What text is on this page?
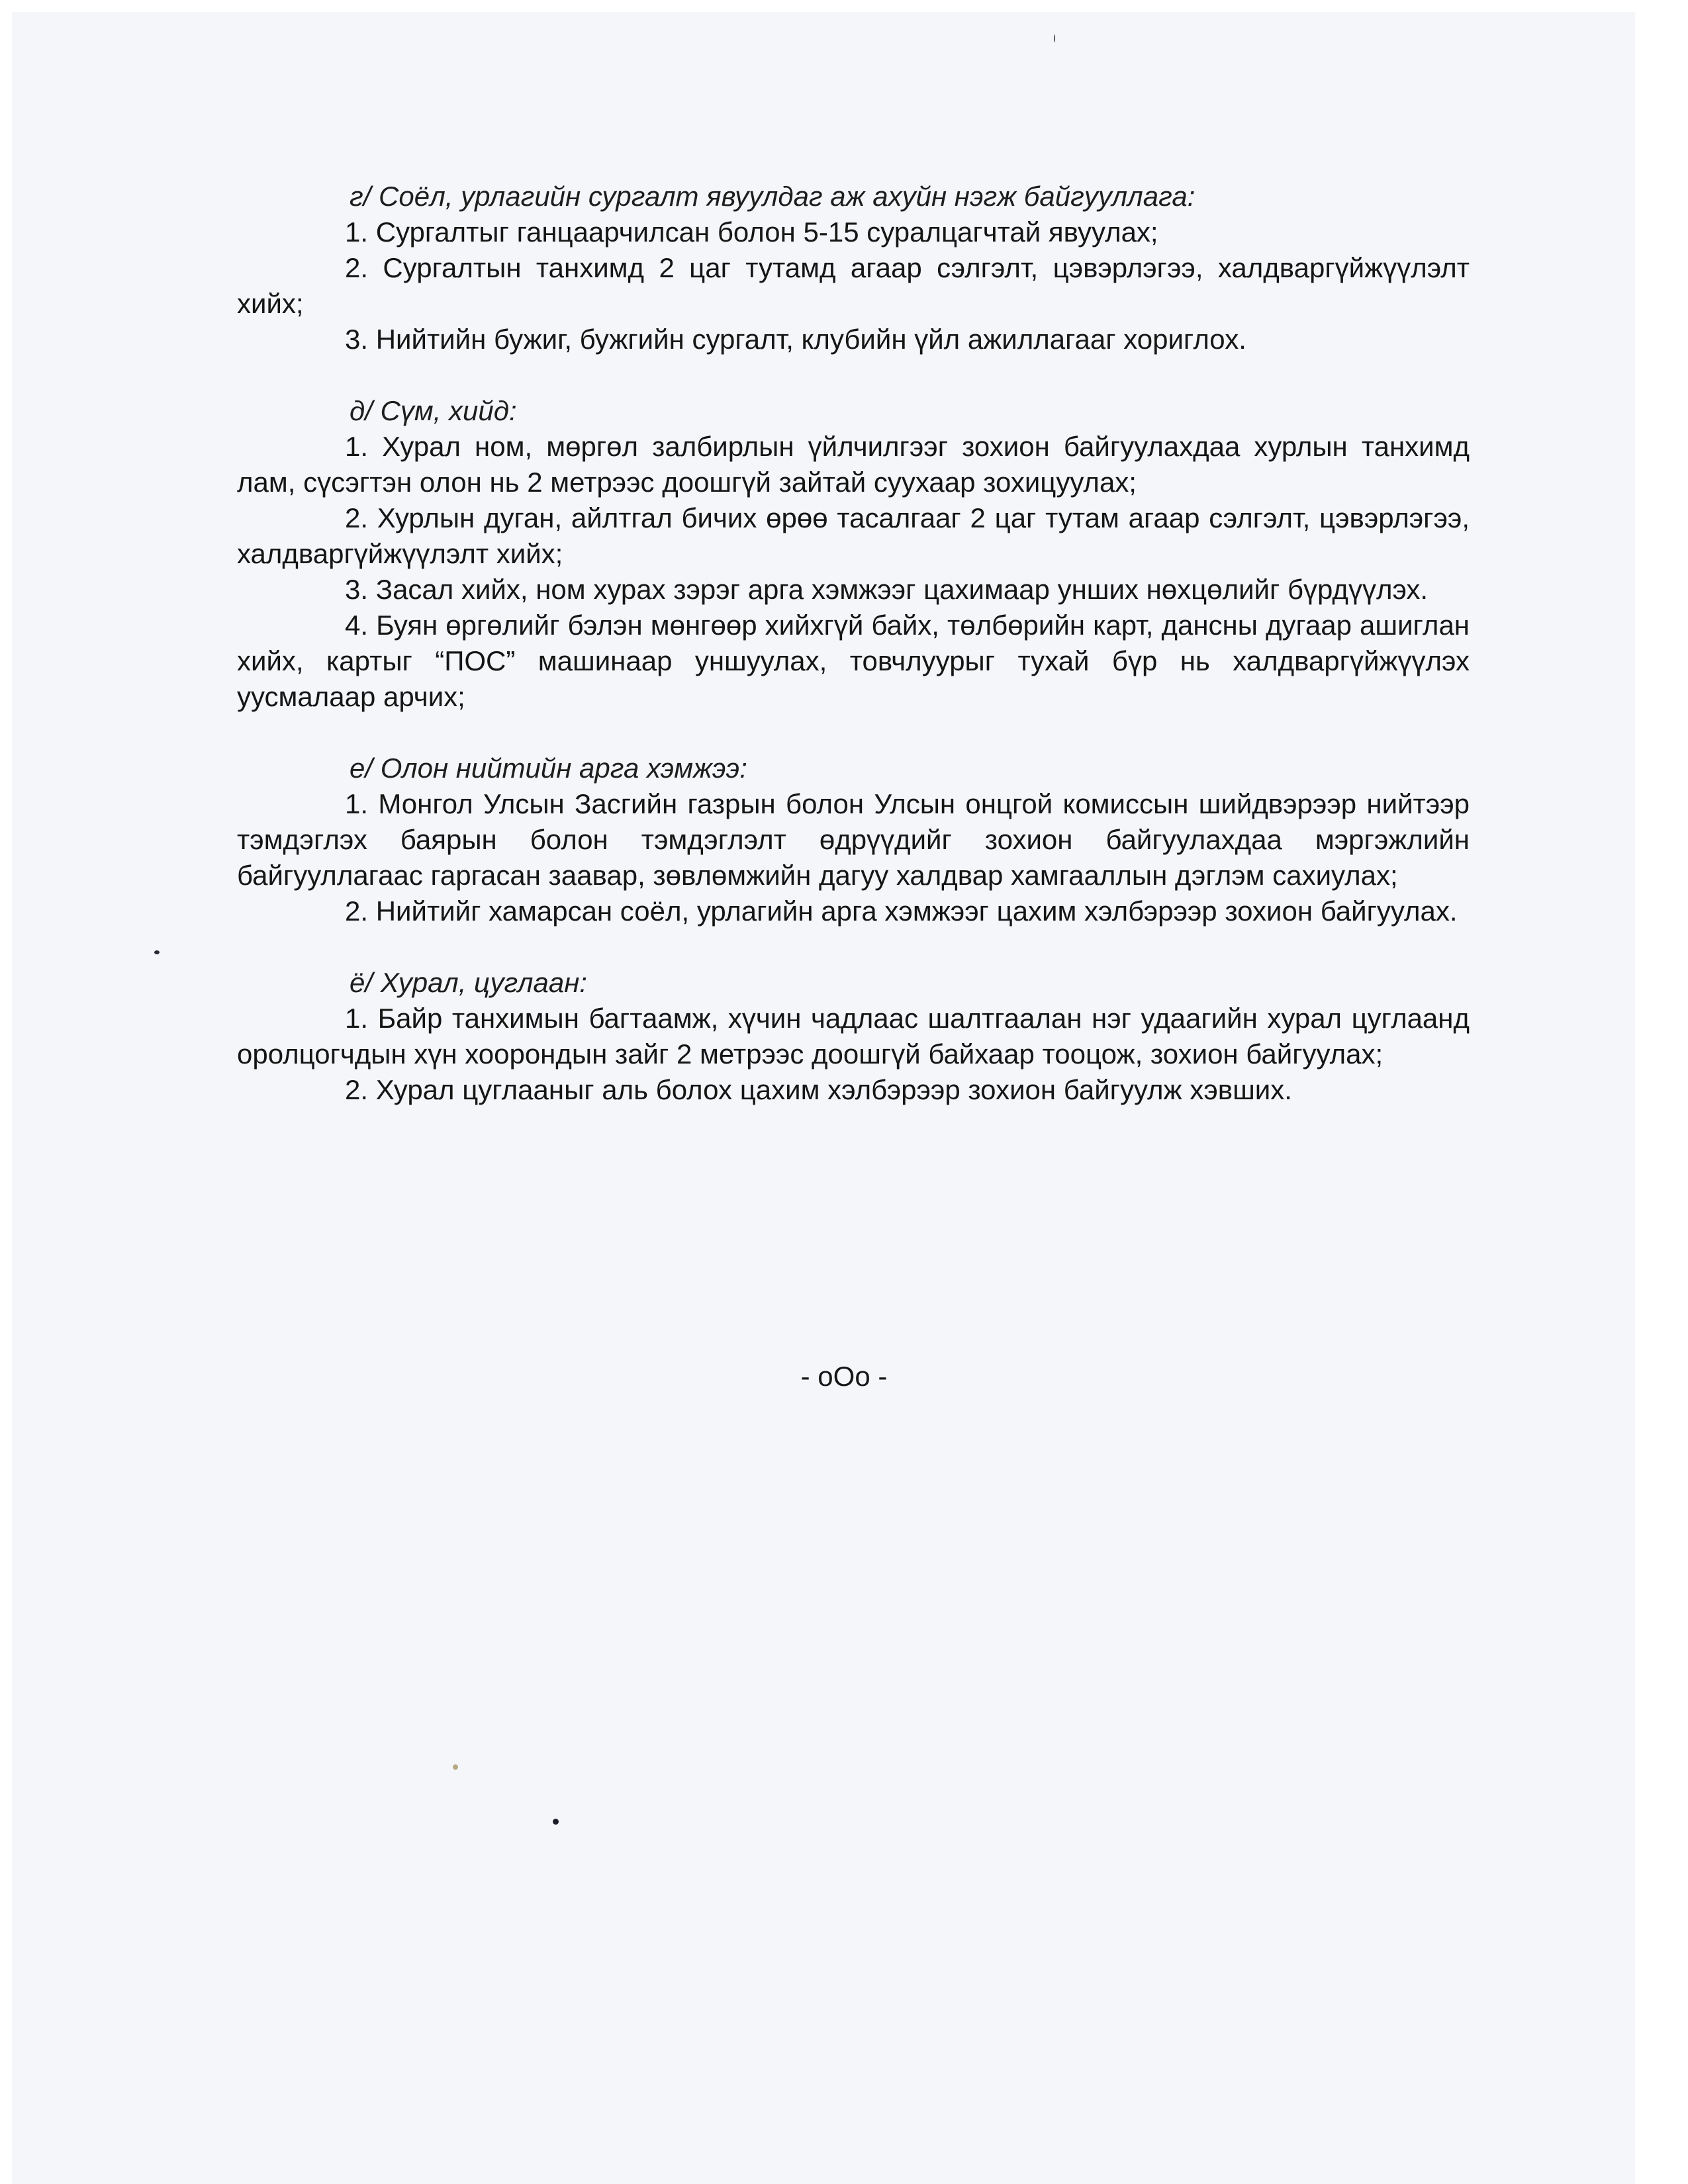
г/ Соёл, урлагийн сургалт явуулдаг аж ахуйн нэгж байгууллага:

1. Сургалтыг ганцаарчилсан болон 5-15 суралцагчтай явуулах;

2. Сургалтын танхимд 2 цаг тутамд агаар сэлгэлт, цэвэрлэгээ, халдваргүйжүүлэлт хийх;

3. Нийтийн бужиг, бужгийн сургалт, клубийн үйл ажиллагааг хориглох.

д/ Сүм, хийд:

1. Хурал ном, мөргөл залбирлын үйлчилгээг зохион байгуулахдаа хурлын танхимд лам, сүсэгтэн олон нь 2 метрээс доошгүй зайтай суухаар зохицуулах;

2. Хурлын дуган, айлтгал бичих өрөө тасалгааг 2 цаг тутам агаар сэлгэлт, цэвэрлэгээ, халдваргүйжүүлэлт хийх;

3. Засал хийх, ном хурах зэрэг арга хэмжээг цахимаар унших нөхцөлийг бүрдүүлэх.

4. Буян өргөлийг бэлэн мөнгөөр хийхгүй байх, төлбөрийн карт, дансны дугаар ашиглан хийх, картыг “ПОС” машинаар уншуулах, товчлуурыг тухай бүр нь халдваргүйжүүлэх уусмалаар арчих;

е/ Олон нийтийн арга хэмжээ:

1. Монгол Улсын Засгийн газрын болон Улсын онцгой комиссын шийдвэрээр нийтээр тэмдэглэх баярын болон тэмдэглэлт өдрүүдийг зохион байгуулахдаа мэргэжлийн байгууллагаас гаргасан заавар, зөвлөмжийн дагуу халдвар хамгааллын дэглэм сахиулах;

2. Нийтийг хамарсан соёл, урлагийн арга хэмжээг цахим хэлбэрээр зохион байгуулах.

ё/ Хурал, цуглаан:

1. Байр танхимын багтаамж, хүчин чадлаас шалтгаалан нэг удаагийн хурал цуглаанд оролцогчдын хүн хоорондын зайг 2 метрээс доошгүй байхаар тооцож, зохион байгуулах;

2. Хурал цуглааныг аль болох цахим хэлбэрээр зохион байгуулж хэвших.

- оОо -
